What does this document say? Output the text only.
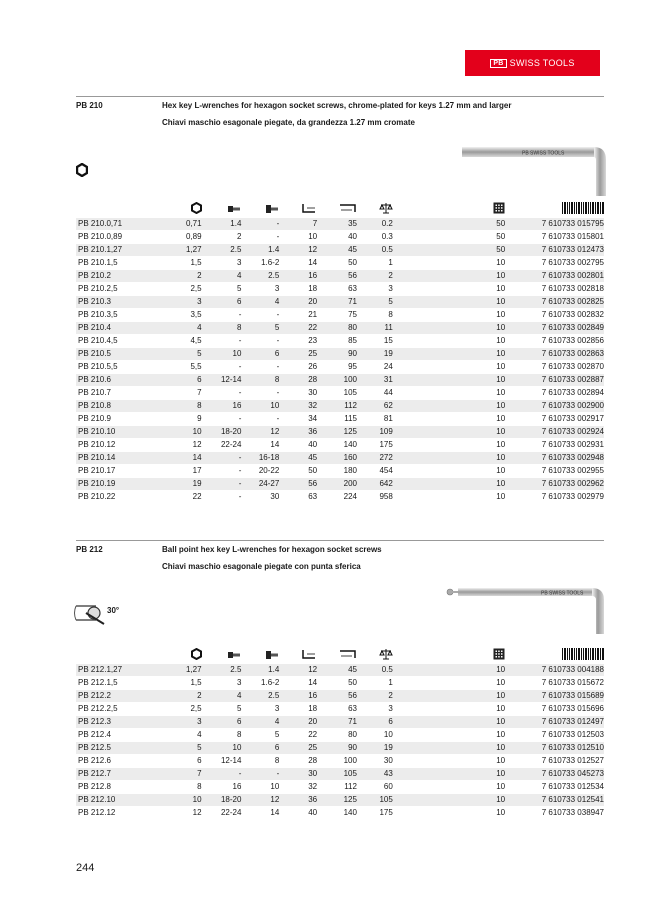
PB SWISS TOOLS
PB 210	Hex key L-wrenches for hexagon socket screws, chrome-plated for keys 1.27 mm and larger
Chiavi maschio esagonale piegate, da grandezza 1.27 mm cromate
PB SWISS TOOLS

PB 210.0,71	0,71	1.4	-	7	35	0.2	50	7 610733 015795
PB 210.0,89	0,89	2	-	10	40	0.3	50	7 610733 015801
PB 210.1,27	1,27	2.5	1.4	12	45	0.5	50	7 610733 012473
PB 210.1,5	1,5	3	1.6-2	14	50	1	10	7 610733 002795
PB 210.2	2	4	2.5	16	56	2	10	7 610733 002801
PB 210.2,5	2,5	5	3	18	63	3	10	7 610733 002818
PB 210.3	3	6	4	20	71	5	10	7 610733 002825
PB 210.3,5	3,5	-	-	21	75	8	10	7 610733 002832
PB 210.4	4	8	5	22	80	11	10	7 610733 002849
PB 210.4,5	4,5	-	-	23	85	15	10	7 610733 002856
PB 210.5	5	10	6	25	90	19	10	7 610733 002863
PB 210.5,5	5,5	-	-	26	95	24	10	7 610733 002870
PB 210.6	6	12-14	8	28	100	31	10	7 610733 002887
PB 210.7	7	-	-	30	105	44	10	7 610733 002894
PB 210.8	8	16	10	32	112	62	10	7 610733 002900
PB 210.9	9	-	-	34	115	81	10	7 610733 002917
PB 210.10	10	18-20	12	36	125	109	10	7 610733 002924
PB 210.12	12	22-24	14	40	140	175	10	7 610733 002931
PB 210.14	14	-	16-18	45	160	272	10	7 610733 002948
PB 210.17	17	-	20-22	50	180	454	10	7 610733 002955
PB 210.19	19	-	24-27	56	200	642	10	7 610733 002962
PB 210.22	22	-	30	63	224	958	10	7 610733 002979
PB 212	Ball point hex key L-wrenches for hexagon socket screws
Chiavi maschio esagonale piegate con punta sferica
30°
PB SWISS TOOLS

PB 212.1,27	1,27	2.5	1.4	12	45	0.5	10	7 610733 004188
PB 212.1,5	1,5	3	1.6-2	14	50	1	10	7 610733 015672
PB 212.2	2	4	2.5	16	56	2	10	7 610733 015689
PB 212.2,5	2,5	5	3	18	63	3	10	7 610733 015696
PB 212.3	3	6	4	20	71	6	10	7 610733 012497
PB 212.4	4	8	5	22	80	10	10	7 610733 012503
PB 212.5	5	10	6	25	90	19	10	7 610733 012510
PB 212.6	6	12-14	8	28	100	30	10	7 610733 012527
PB 212.7	7	-	-	30	105	43	10	7 610733 045273
PB 212.8	8	16	10	32	112	60	10	7 610733 012534
PB 212.10	10	18-20	12	36	125	105	10	7 610733 012541
PB 212.12	12	22-24	14	40	140	175	10	7 610733 038947
244
